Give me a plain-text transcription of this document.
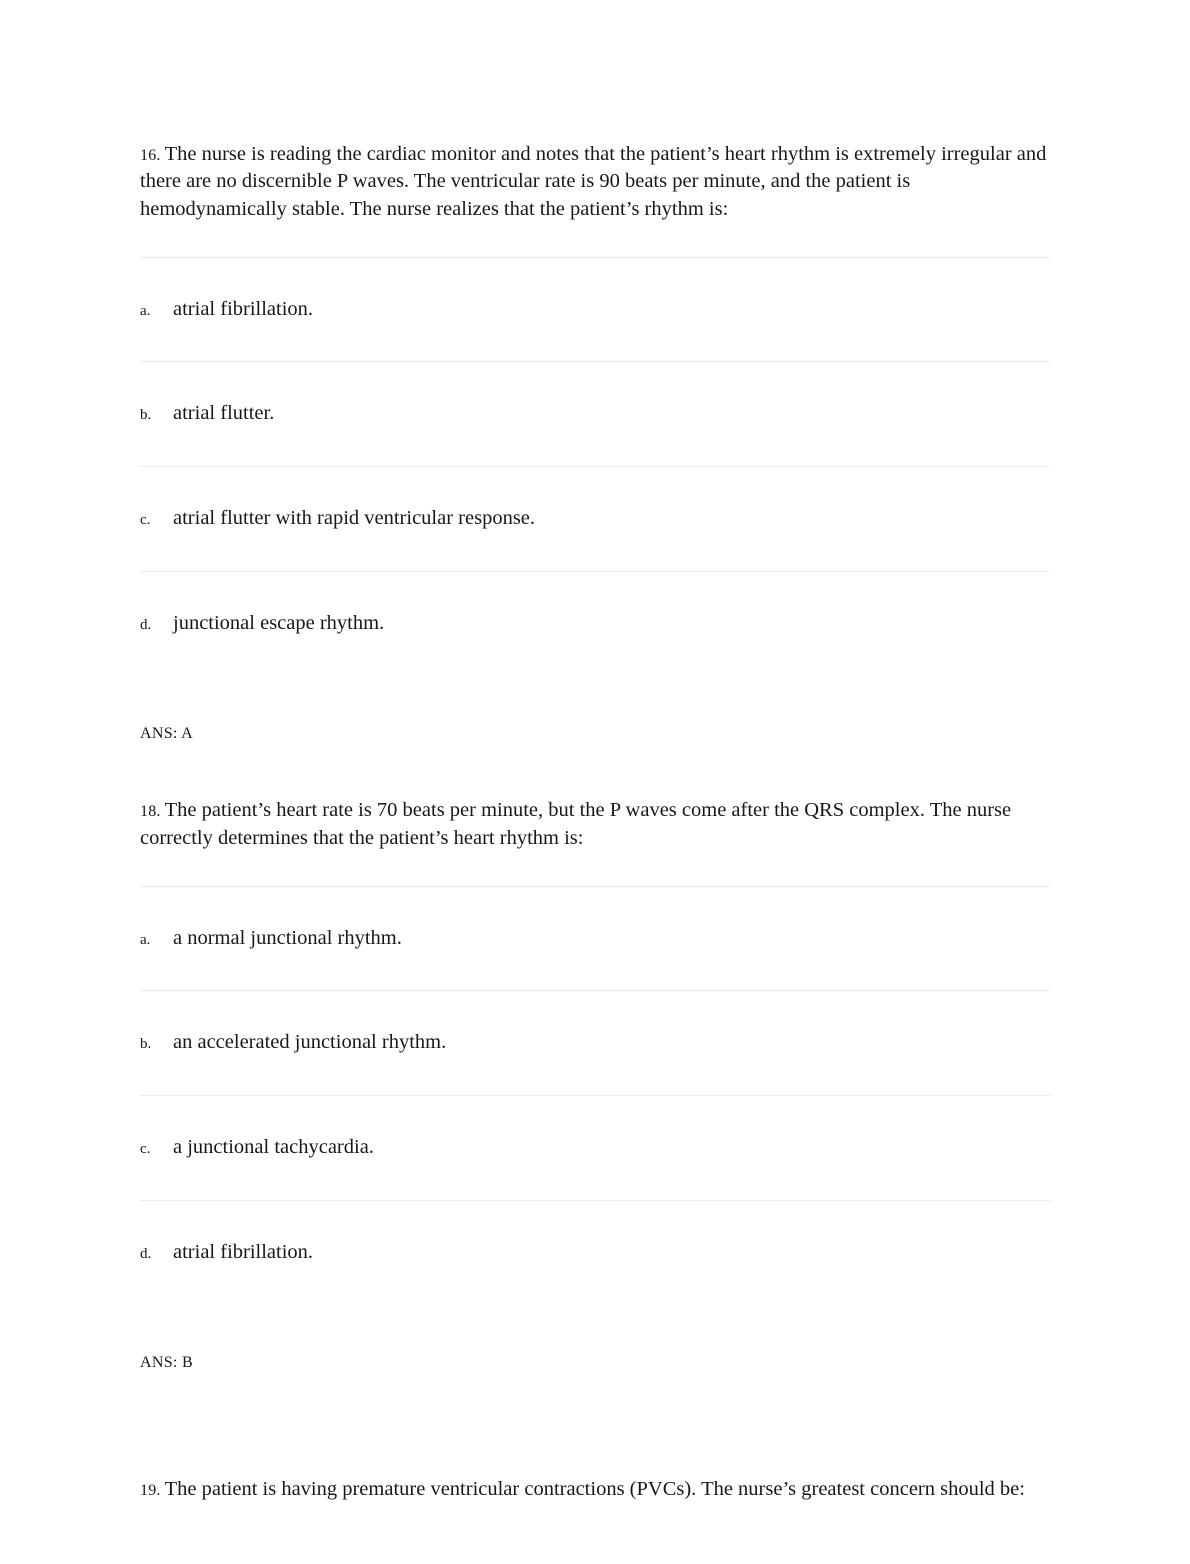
16. The nurse is reading the cardiac monitor and notes that the patient’s heart rhythm is extremely irregular and there are no discernible P waves. The ventricular rate is 90 beats per minute, and the patient is hemodynamically stable. The nurse realizes that the patient’s rhythm is:

a.	atrial fibrillation.
b.	atrial flutter.
c.	atrial flutter with rapid ventricular response.
d.	junctional escape rhythm.

ANS: A

18. The patient’s heart rate is 70 beats per minute, but the P waves come after the QRS complex. The nurse correctly determines that the patient’s heart rhythm is:

a.	a normal junctional rhythm.
b.	an accelerated junctional rhythm.
c.	a junctional tachycardia.
d.	atrial fibrillation.

ANS: B

19. The patient is having premature ventricular contractions (PVCs). The nurse’s greatest concern should be:
